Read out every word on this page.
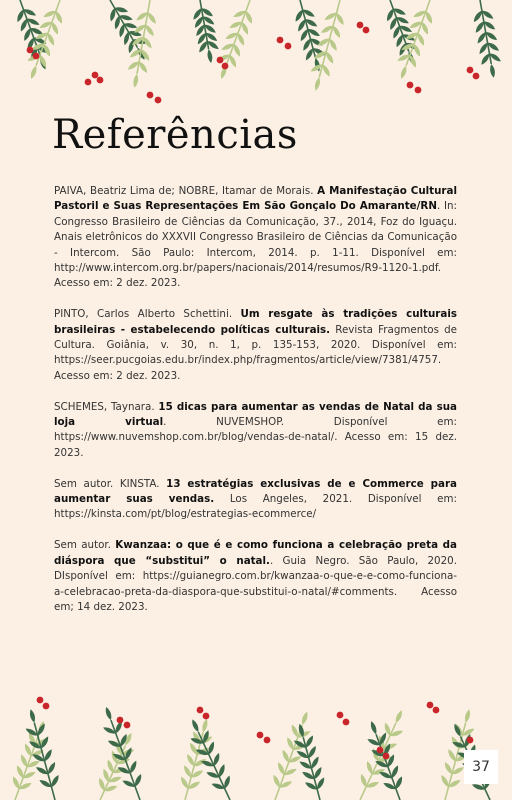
Referências

PAIVA, Beatriz Lima de; NOBRE, Itamar de Morais. A Manifestação Cultural Pastoril e Suas Representações Em São Gonçalo Do Amarante/RN. In: Congresso Brasileiro de Ciências da Comunicação, 37., 2014, Foz do Iguaçu. Anais eletrônicos do XXXVII Congresso Brasileiro de Ciências da Comunicação - Intercom. São Paulo: Intercom, 2014. p. 1-11. Disponível em: http://www.intercom.org.br/papers/nacionais/2014/resumos/R9-1120-1.pdf. Acesso em: 2 dez. 2023.

PINTO, Carlos Alberto Schettini. Um resgate às tradições culturais brasileiras - estabelecendo políticas culturais. Revista Fragmentos de Cultura. Goiânia, v. 30, n. 1, p. 135-153, 2020. Disponível em: https://seer.pucgoias.edu.br/index.php/fragmentos/article/view/7381/4757. Acesso em: 2 dez. 2023.

SCHEMES, Taynara. 15 dicas para aumentar as vendas de Natal da sua loja virtual. NUVEMSHOP. Disponível em: https://www.nuvemshop.com.br/blog/vendas-de-natal/. Acesso em: 15 dez. 2023.

Sem autor. KINSTA. 13 estratégias exclusivas de e Commerce para aumentar suas vendas. Los Angeles, 2021. Disponível em: https://kinsta.com/pt/blog/estrategias-ecommerce/

Sem autor. Kwanzaa: o que é e como funciona a celebração preta da diáspora que “substitui” o natal.. Guia Negro. São Paulo, 2020. DIsponível em: https://guianegro.com.br/kwanzaa-o-que-e-e-como-funciona-a-celebracao-preta-da-diaspora-que-substitui-o-natal/#comments. Acesso em; 14 dez. 2023.

37
